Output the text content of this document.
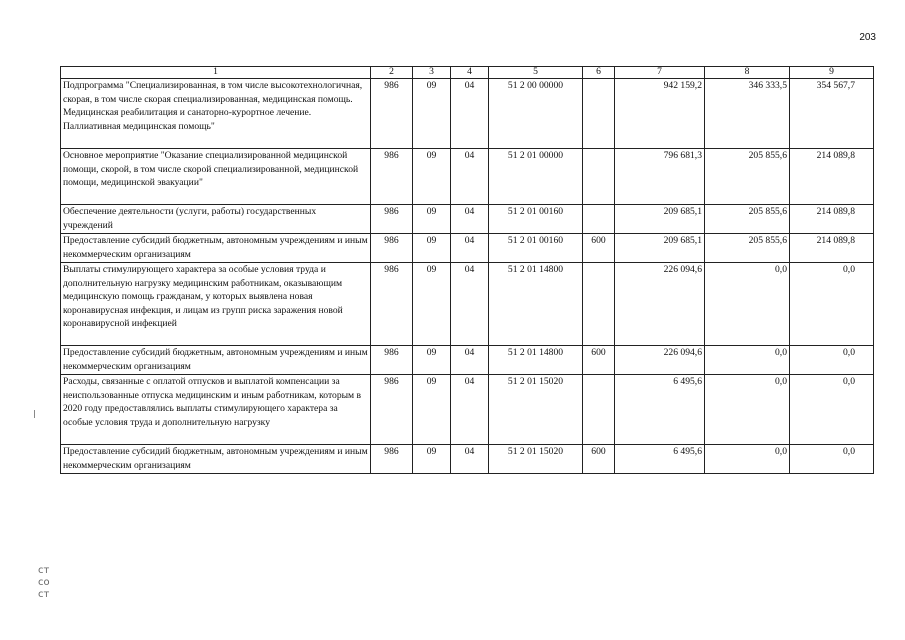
203
1	2	3	4	5	6	7	8	9
Подпрограмма "Специализированная, в том числе высокотехнологичная, скорая, в том числе скорая специализированная, медицинская помощь. Медицинская реабилитация и санаторно-курортное лечение. Паллиативная медицинская помощь"	986	09	04	51 2 00 00000		942 159,2	346 333,5	354 567,7
Основное мероприятие "Оказание специализированной медицинской помощи, скорой, в том числе скорой специализированной, медицинской помощи, медицинской эвакуации"	986	09	04	51 2 01 00000		796 681,3	205 855,6	214 089,8
Обеспечение деятельности (услуги, работы) государственных учреждений	986	09	04	51 2 01 00160		209 685,1	205 855,6	214 089,8
Предоставление субсидий бюджетным, автономным учреждениям и иным некоммерческим организациям	986	09	04	51 2 01 00160	600	209 685,1	205 855,6	214 089,8
Выплаты стимулирующего характера за особые условия труда и дополнительную нагрузку медицинским работникам, оказывающим медицинскую помощь гражданам, у которых выявлена новая коронавирусная инфекция, и лицам из групп риска заражения новой коронавирусной инфекцией	986	09	04	51 2 01 14800		226 094,6	0,0	0,0
Предоставление субсидий бюджетным, автономным учреждениям и иным некоммерческим организациям	986	09	04	51 2 01 14800	600	226 094,6	0,0	0,0
Расходы, связанные с оплатой отпусков и выплатой компенсации за неиспользованные отпуска медицинским и иным работникам, которым в 2020 году предоставлялись выплаты стимулирующего характера за особые условия труда и дополнительную нагрузку	986	09	04	51 2 01 15020		6 495,6	0,0	0,0
Предоставление субсидий бюджетным, автономным учреждениям и иным некоммерческим организациям	986	09	04	51 2 01 15020	600	6 495,6	0,0	0,0
ст
со
ст
